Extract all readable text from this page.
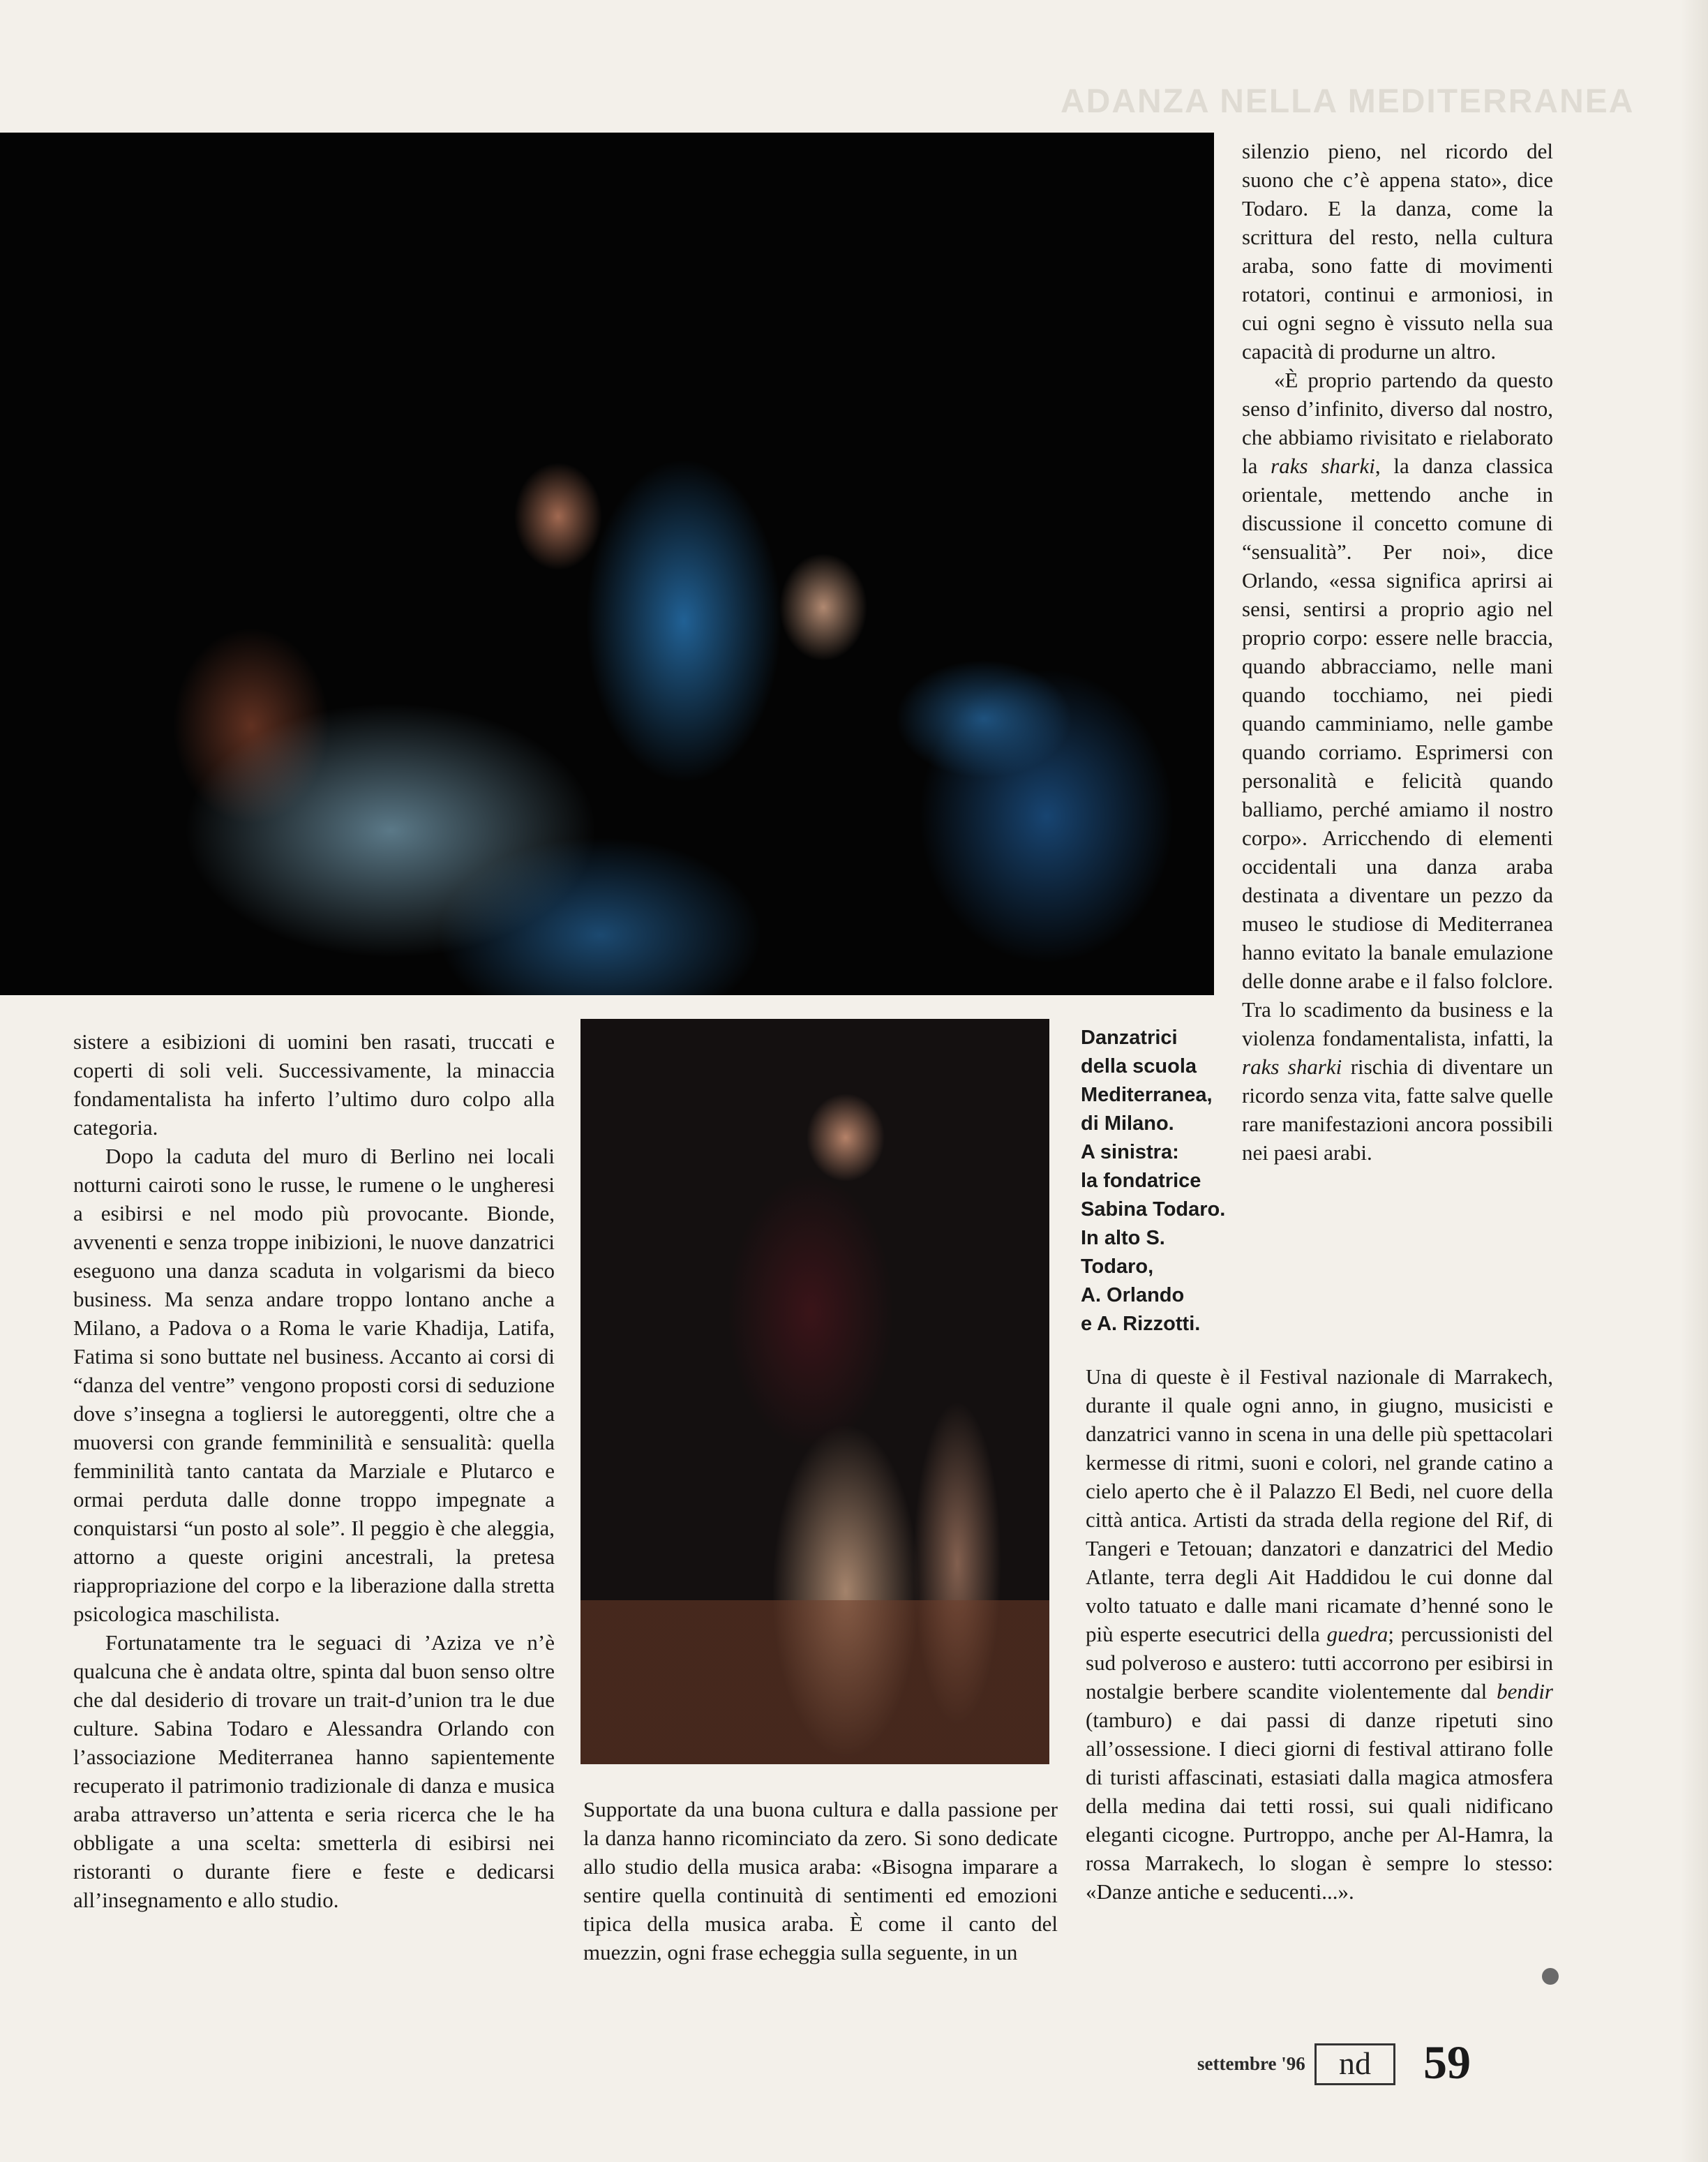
ADANZA NELLA MEDITERRANEA
Danzatrici
della scuola
Mediterranea,
di Milano.
A sinistra:
la fondatrice
Sabina Todaro.
In alto S.
Todaro,
A. Orlando
e A. Rizzotti.

sistere a esibizioni di uomini ben rasati, truccati e coperti di soli veli. Successivamente, la minaccia fondamentalista ha inferto l’ultimo duro colpo alla categoria.

Dopo la caduta del muro di Berlino nei locali notturni cairoti sono le russe, le rumene o le ungheresi a esibirsi e nel modo più provocante. Bionde, avvenenti e senza troppe inibizioni, le nuove danzatrici eseguono una danza scaduta in volgarismi da bieco business. Ma senza andare troppo lontano anche a Milano, a Padova o a Roma le varie Khadija, Latifa, Fatima si sono buttate nel business. Accanto ai corsi di “danza del ventre” vengono proposti corsi di seduzione dove s’insegna a togliersi le autoreggenti, oltre che a muoversi con grande femminilità e sensualità: quella femminilità tanto cantata da Marziale e Plutarco e ormai perduta dalle donne troppo impegnate a conquistarsi “un posto al sole”. Il peggio è che aleggia, attorno a queste origini ancestrali, la pretesa riappropriazione del corpo e la liberazione dalla stretta psicologica maschilista.

Fortunatamente tra le seguaci di ’Aziza ve n’è qualcuna che è andata oltre, spinta dal buon senso oltre che dal desiderio di trovare un trait-d’union tra le due culture. Sabina Todaro e Alessandra Orlando con l’associazione Mediterranea hanno sapientemente recuperato il patrimonio tradizionale di danza e musica araba attraverso un’attenta e seria ricerca che le ha obbligate a una scelta: smetterla di esibirsi nei ristoranti o durante fiere e feste e dedicarsi all’insegnamento e allo studio.

Supportate da una buona cultura e dalla passione per la danza hanno ricominciato da zero. Si sono dedicate allo studio della musica araba: «Bisogna imparare a sentire quella continuità di sentimenti ed emozioni tipica della musica araba. È come il canto del muezzin, ogni frase echeggia sulla seguente, in un

silenzio pieno, nel ricordo del suono che c’è appena stato», dice Todaro. E la danza, come la scrittura del resto, nella cultura araba, sono fatte di movimenti rotatori, continui e armoniosi, in cui ogni segno è vissuto nella sua capacità di produrne un altro.

«È proprio partendo da questo senso d’infinito, diverso dal nostro, che abbiamo rivisitato e rielaborato la raks sharki, la danza classica orientale, mettendo anche in discussione il concetto comune di “sensualità”. Per noi», dice Orlando, «essa significa aprirsi ai sensi, sentirsi a proprio agio nel proprio corpo: essere nelle braccia, quando abbracciamo, nelle mani quando tocchiamo, nei piedi quando camminiamo, nelle gambe quando corriamo. Esprimersi con personalità e felicità quando balliamo, perché amiamo il nostro corpo». Arricchendo di elementi occidentali una danza araba destinata a diventare un pezzo da museo le studiose di Mediterranea hanno evitato la banale emulazione delle donne arabe e il falso folclore. Tra lo scadimento da business e la violenza fondamentalista, infatti, la raks sharki rischia di diventare un ricordo senza vita, fatte salve quelle rare manifestazioni ancora possibili nei paesi arabi.

Una di queste è il Festival nazionale di Marrakech, durante il quale ogni anno, in giugno, musicisti e danzatrici vanno in scena in una delle più spettacolari kermesse di ritmi, suoni e colori, nel grande catino a cielo aperto che è il Palazzo El Bedi, nel cuore della città antica. Artisti da strada della regione del Rif, di Tangeri e Tetouan; danzatori e danzatrici del Medio Atlante, terra degli Ait Haddidou le cui donne dal volto tatuato e dalle mani ricamate d’henné sono le più esperte esecutrici della guedra; percussionisti del sud polveroso e austero: tutti accorrono per esibirsi in nostalgie berbere scandite violentemente dal bendir (tamburo) e dai passi di danze ripetuti sino all’ossessione. I dieci giorni di festival attirano folle di turisti affascinati, estasiati dalla magica atmosfera della medina dai tetti rossi, sui quali nidificano eleganti cicogne. Purtroppo, anche per Al-Hamra, la rossa Marrakech, lo slogan è sempre lo stesso: «Danze antiche e seducenti...».

settembre '96	nd	59
